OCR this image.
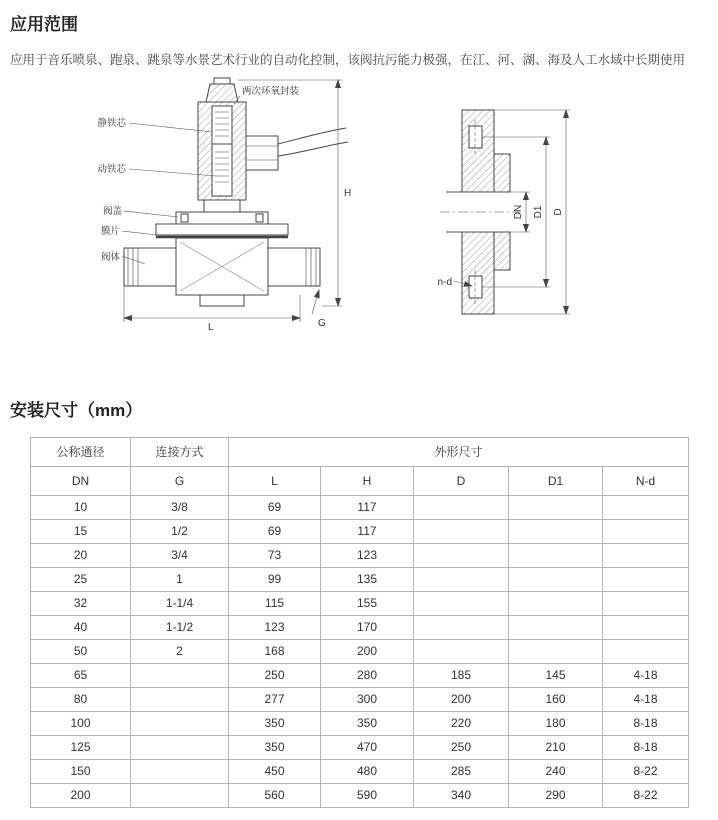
应用范围

应用于音乐喷泉、跑泉、跳泉等水景艺术行业的自动化控制，该阀抗污能力极强，在江、河、湖、海及人工水域中长期使用

静铁芯
动铁芯
阀盖
膜片
阀体
两次环氧封装
H
L	G
DN D1 D
n-d
安装尺寸（mm）
公称通径	连接方式	外形尺寸				
DN	G	L	H	D	D1	N-d
10	3/8	69	117			
15	1/2	69	117			
20	3/4	73	123			
25	1	99	135			
32	1-1/4	115	155			
40	1-1/2	123	170			
50	2	168	200			
65		250	280	185	145	4-18
80		277	300	200	160	4-18
100		350	350	220	180	8-18
125		350	470	250	210	8-18
150		450	480	285	240	8-22
200		560	590	340	290	8-22
